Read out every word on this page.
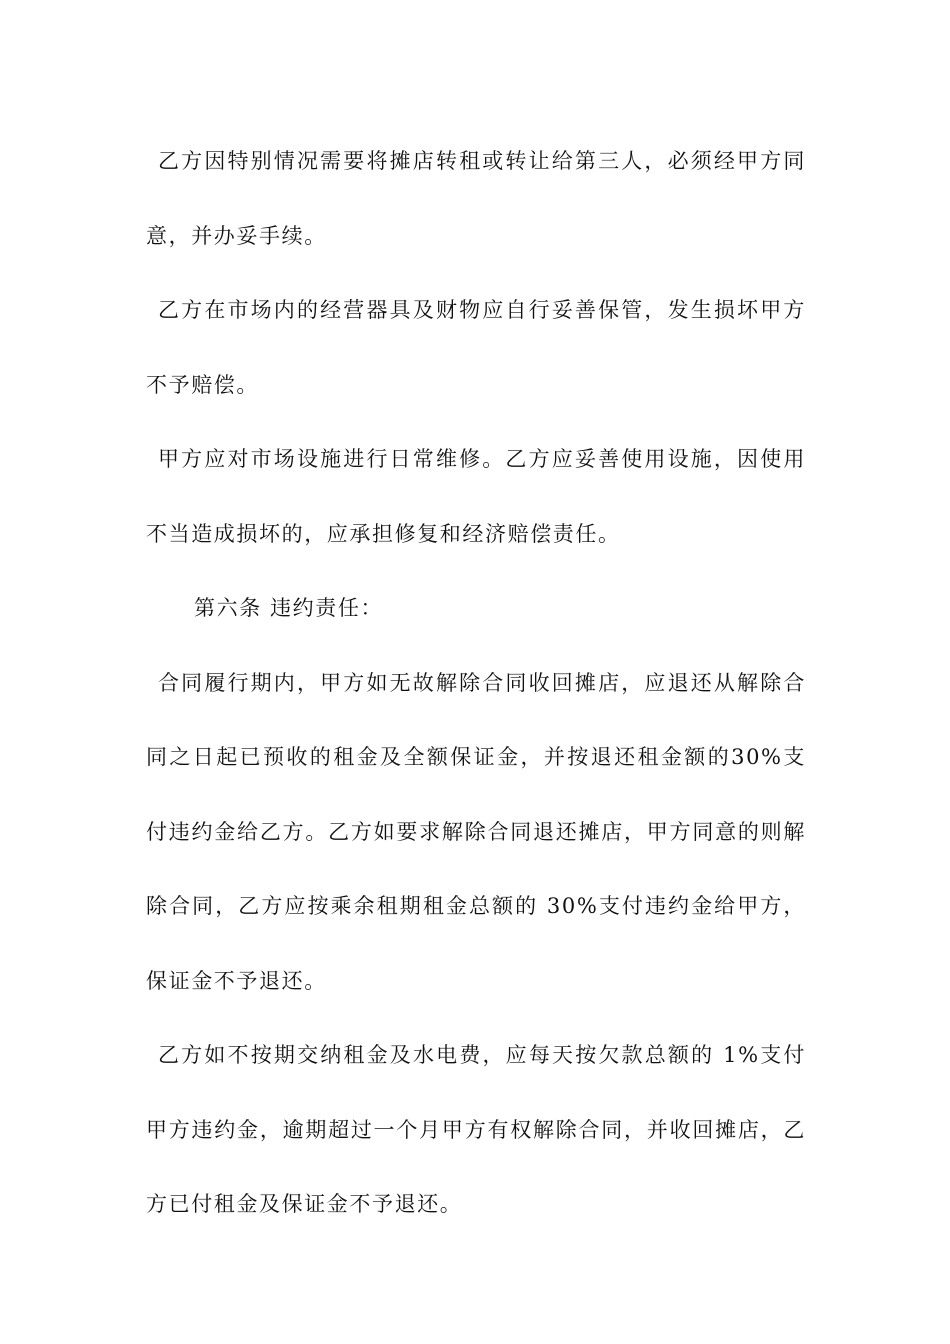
乙方因特别情况需要将摊店转租或转让给第三人，必须经甲方同意，并办妥手续。

乙方在市场内的经营器具及财物应自行妥善保管，发生损坏甲方不予赔偿。

甲方应对市场设施进行日常维修。乙方应妥善使用设施，因使用不当造成损坏的，应承担修复和经济赔偿责任。

第六条 违约责任：

合同履行期内，甲方如无故解除合同收回摊店，应退还从解除合同之日起已预收的租金及全额保证金，并按退还租金额的30%支付违约金给乙方。乙方如要求解除合同退还摊店，甲方同意的则解除合同，乙方应按乘余租期租金总额的 30%支付违约金给甲方，保证金不予退还。

乙方如不按期交纳租金及水电费，应每天按欠款总额的 1%支付甲方违约金，逾期超过一个月甲方有权解除合同，并收回摊店，乙方已付租金及保证金不予退还。
